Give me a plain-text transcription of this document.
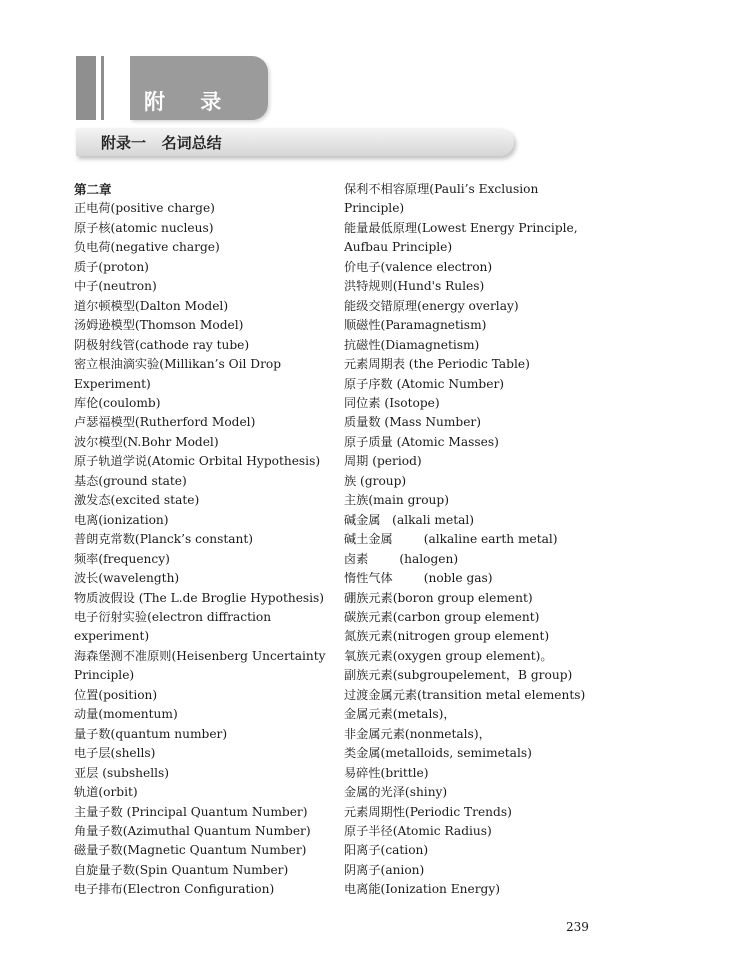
附 录
附录一   名词总结
第二章
正电荷(positive charge)
原子核(atomic nucleus)
负电荷(negative charge)
质子(proton)
中子(neutron)
道尔顿模型(Dalton Model)
汤姆逊模型(Thomson Model)
阴极射线管(cathode ray tube)
密立根油滴实验(Millikan’s Oil Drop
Experiment)
库伦(coulomb)
卢瑟福模型(Rutherford Model)
波尔模型(N.Bohr Model)
原子轨道学说(Atomic Orbital Hypothesis)
基态(ground state)
激发态(excited state)
电离(ionization)
普朗克常数(Planck’s constant)
频率(frequency)
波长(wavelength)
物质波假设 (The L.de Broglie Hypothesis)
电子衍射实验(electron diffraction
experiment)
海森堡测不准原则(Heisenberg Uncertainty
Principle)
位置(position)
动量(momentum)
量子数(quantum number)
电子层(shells)
亚层 (subshells)
轨道(orbit)
主量子数 (Principal Quantum Number)
角量子数(Azimuthal Quantum Number)
磁量子数(Magnetic Quantum Number)
自旋量子数(Spin Quantum Number)
电子排布(Electron Configuration)
保利不相容原理(Pauli’s Exclusion
Principle)
能量最低原理(Lowest Energy Principle,
Aufbau Principle)
价电子(valence electron)
洪特规则(Hund's Rules)
能级交错原理(energy overlay)
顺磁性(Paramagnetism)
抗磁性(Diamagnetism)
元素周期表 (the Periodic Table)
原子序数 (Atomic Number)
同位素 (Isotope)
质量数 (Mass Number)
原子质量 (Atomic Masses)
周期 (period)
族 (group)
主族(main group)
碱金属   (alkali metal)
碱土金属        (alkaline earth metal)
卤素        (halogen)
惰性气体        (noble gas)
硼族元素(boron group element)
碳族元素(carbon group element)
氮族元素(nitrogen group element)
氧族元素(oxygen group element)。
副族元素(subgroupelement，B group)
过渡金属元素(transition metal elements)
金属元素(metals)，
非金属元素(nonmetals)，
类金属(metalloids, semimetals)
易碎性(brittle)
金属的光泽(shiny)
元素周期性(Periodic Trends)
原子半径(Atomic Radius)
阳离子(cation)
阴离子(anion)
电离能(Ionization Energy)
239
